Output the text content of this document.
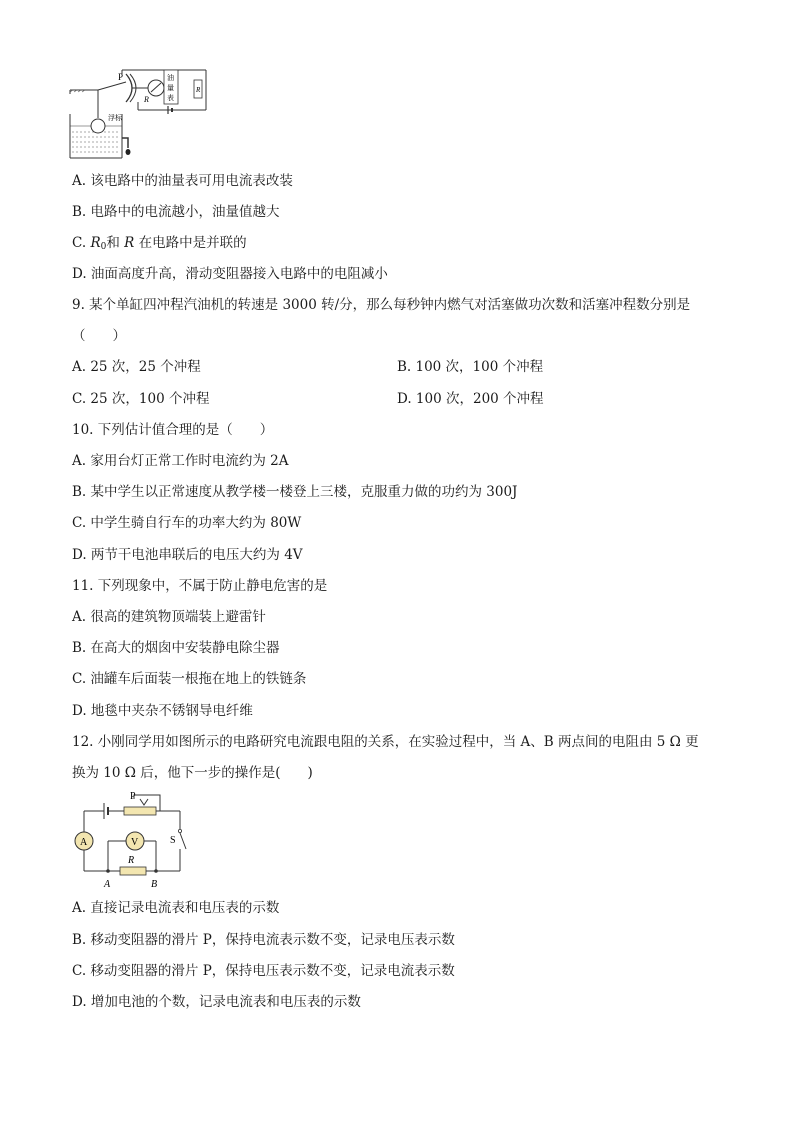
油
量
表
R
P
R
浮标
A. 该电路中的油量表可用电流表改装
B. 电路中的电流越小，油量值越大
C. $R_0$和 R 在电路中是并联的
D. 油面高度升高，滑动变阻器接入电路中的电阻减小
9. 某个单缸四冲程汽油机的转速是 3000 转/分，那么每秒钟内燃气对活塞做功次数和活塞冲程数分别是
（　　）
A. 25 次，25 个冲程	B. 100 次，100 个冲程
C. 25 次，100 个冲程	D. 100 次，200 个冲程
10. 下列估计值合理的是（　　）
A. 家用台灯正常工作时电流约为 2A
B. 某中学生以正常速度从教学楼一楼登上三楼，克服重力做的功约为 300J
C. 中学生骑自行车的功率大约为 80W
D. 两节干电池串联后的电压大约为 4V
11. 下列现象中，不属于防止静电危害的是
A. 很高的建筑物顶端装上避雷针
B. 在高大的烟囱中安装静电除尘器
C. 油罐车后面装一根拖在地上的铁链条
D. 地毯中夹杂不锈钢导电纤维
12. 小刚同学用如图所示的电路研究电流跟电阻的关系，在实验过程中，当 A、B 两点间的电阻由 5 Ω 更
换为 10 Ω 后，他下一步的操作是(　　)
P
S
A	V
R
A	B
A. 直接记录电流表和电压表的示数
B. 移动变阻器的滑片 P，保持电流表示数不变，记录电压表示数
C. 移动变阻器的滑片 P，保持电压表示数不变，记录电流表示数
D. 增加电池的个数，记录电流表和电压表的示数
